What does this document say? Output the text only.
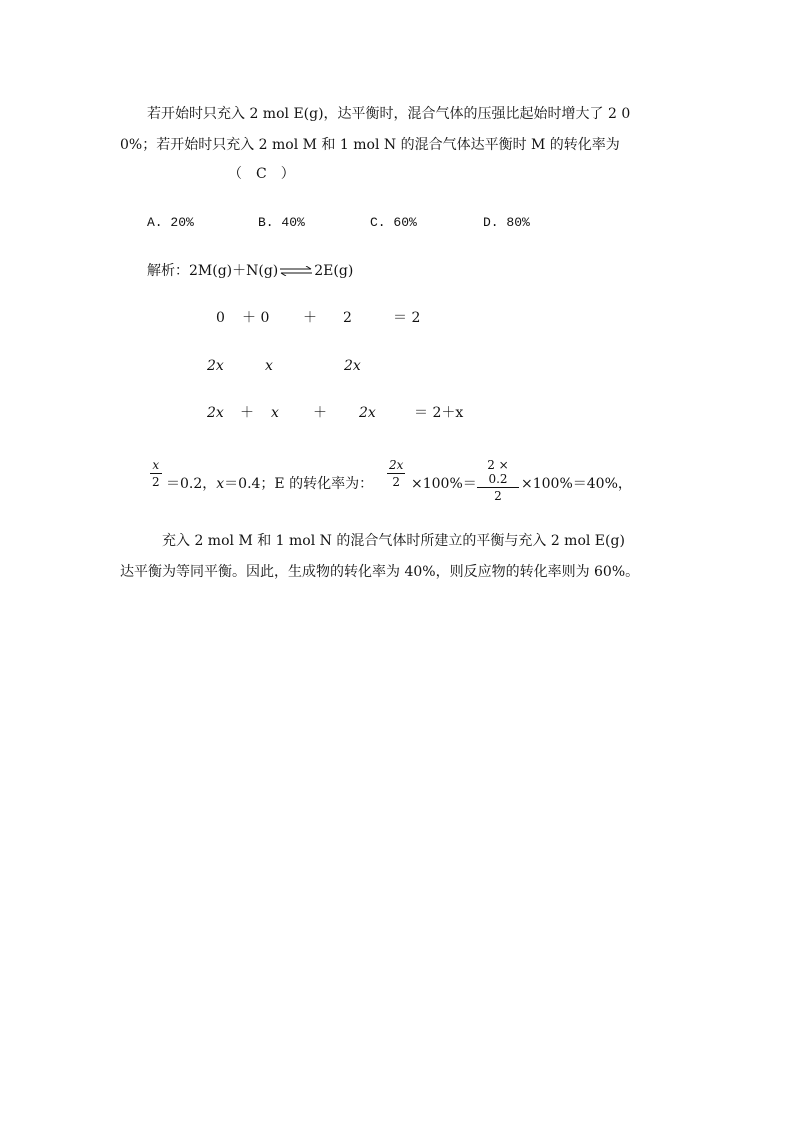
若开始时只充入 2 mol E(g)，达平衡时，混合气体的压强比起始时增大了 2 0
0%；若开始时只充入 2 mol M 和 1 mol N 的混合气体达平衡时 M 的转化率为
（　C　）
A. 20%	B. 40%	C. 60%	D. 80%
解析：2M(g)＋N(g)⇌2E(g)
0 ＋ 0 ＋ 2	＝ 2
2x	x	2x
2x ＋ x ＋ 2x	＝ 2＋x
x
2 ＝0.2，x＝0.4；E 的转化率为：
2x
2 ×100%＝
2 × 0.2
2
×100%＝40%，
充入 2 mol M 和 1 mol N 的混合气体时所建立的平衡与充入 2 mol E(g)
达平衡为等同平衡。因此，生成物的转化率为 40%，则反应物的转化率则为 60%。
